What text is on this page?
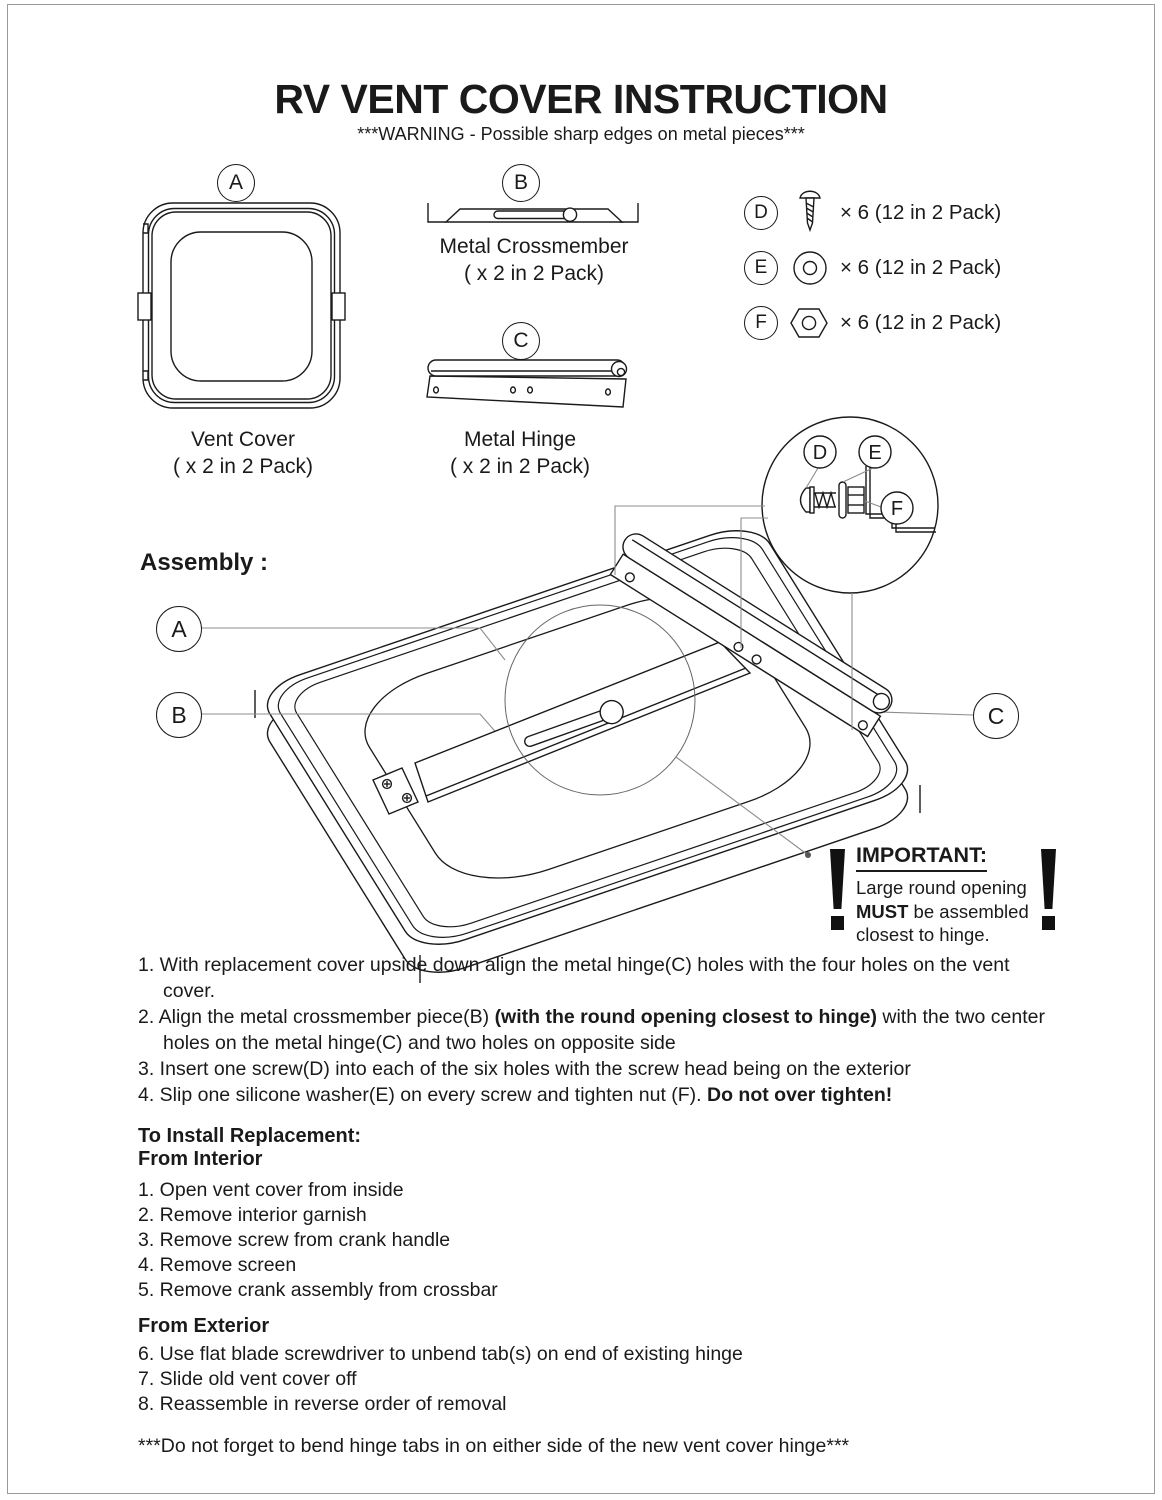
RV VENT COVER INSTRUCTION
***WARNING - Possible sharp edges on metal pieces***
A	B
C
Vent Cover
( x 2 in 2 Pack)
Metal Crossmember
( x 2 in 2 Pack)
Metal Hinge
( x 2 in 2 Pack)
D	× 6 (12 in 2 Pack)
E	× 6 (12 in 2 Pack)
F	× 6 (12 in 2 Pack)
Assembly :
D E
F
A
B	C
IMPORTANT:
Large round opening
MUST be assembled
closest to hinge.
1. With replacement cover upside down align the metal hinge(C) holes with the four holes on the vent cover.
2. Align the metal crossmember piece(B) (with the round opening closest to hinge) with the two center holes on the metal hinge(C) and two holes on opposite side
3. Insert one screw(D) into each of the six holes with the screw head being on the exterior
4. Slip one silicone washer(E) on every screw and tighten nut (F). Do not over tighten!
To Install Replacement:
From Interior
1. Open vent cover from inside
2. Remove interior garnish
3. Remove screw from crank handle
4. Remove screen
5. Remove crank assembly from crossbar
From Exterior
6. Use flat blade screwdriver to unbend tab(s) on end of existing hinge
7. Slide old vent cover off
8. Reassemble in reverse order of removal
***Do not forget to bend hinge tabs in on either side of the new vent cover hinge***
